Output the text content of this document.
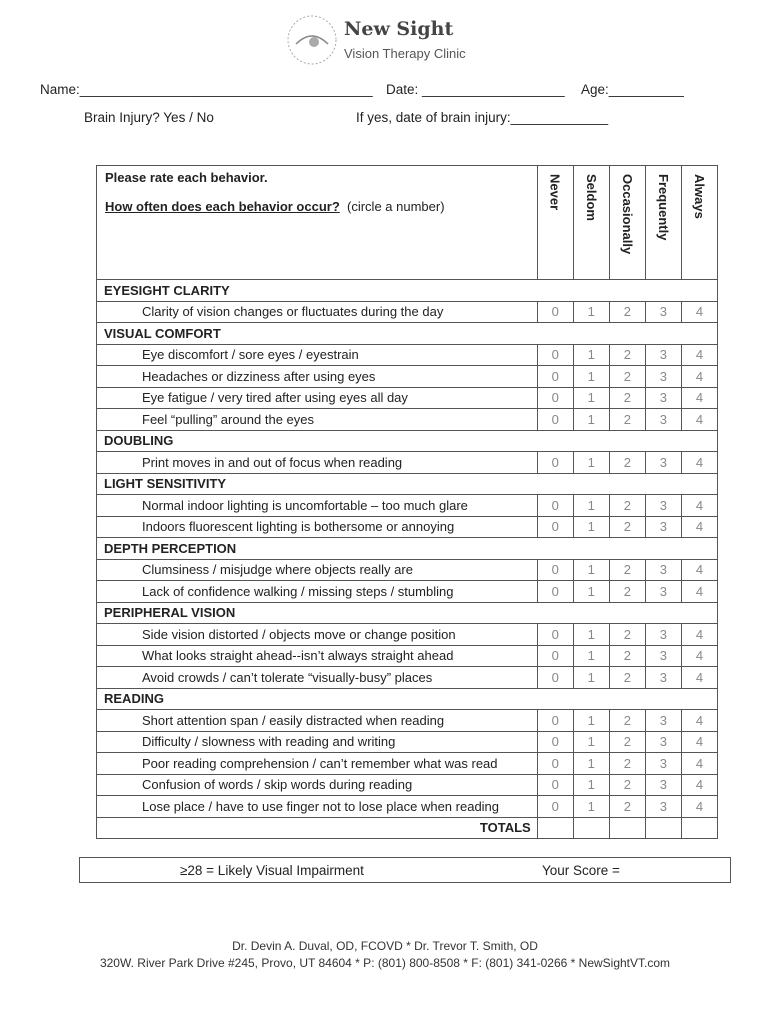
New Sight
Vision Therapy Clinic
Name:_______________________________________ Date: ___________________ Age:__________
Brain Injury? Yes / No	If yes, date of brain injury:_____________
Please rate each behavior.
How often does each behavior occur? (circle a number)	Never	Seldom	Occasionally	Frequently	Always

EYESIGHT CLARITY					
Clarity of vision changes or fluctuates during the day	0	1	2	3	4
VISUAL COMFORT					
Eye discomfort / sore eyes / eyestrain	0	1	2	3	4
Headaches or dizziness after using eyes	0	1	2	3	4
Eye fatigue / very tired after using eyes all day	0	1	2	3	4
Feel “pulling” around the eyes	0	1	2	3	4
DOUBLING					
Print moves in and out of focus when reading	0	1	2	3	4
LIGHT SENSITIVITY					
Normal indoor lighting is uncomfortable – too much glare	0	1	2	3	4
Indoors fluorescent lighting is bothersome or annoying	0	1	2	3	4
DEPTH PERCEPTION					
Clumsiness / misjudge where objects really are	0	1	2	3	4
Lack of confidence walking / missing steps / stumbling	0	1	2	3	4
PERIPHERAL VISION					
Side vision distorted / objects move or change position	0	1	2	3	4
What looks straight ahead--isn’t always straight ahead	0	1	2	3	4
Avoid crowds / can’t tolerate “visually-busy” places	0	1	2	3	4
READING					
Short attention span / easily distracted when reading	0	1	2	3	4
Difficulty / slowness with reading and writing	0	1	2	3	4
Poor reading comprehension / can’t remember what was read	0	1	2	3	4
Confusion of words / skip words during reading	0	1	2	3	4
Lose place / have to use finger not to lose place when reading	0	1	2	3	4
TOTALS					
≥28 = Likely Visual Impairment	Your Score =
Dr. Devin A. Duval, OD, FCOVD * Dr. Trevor T. Smith, OD
320W. River Park Drive #245, Provo, UT 84604 * P: (801) 800-8508 * F: (801) 341-0266 * NewSightVT.com
